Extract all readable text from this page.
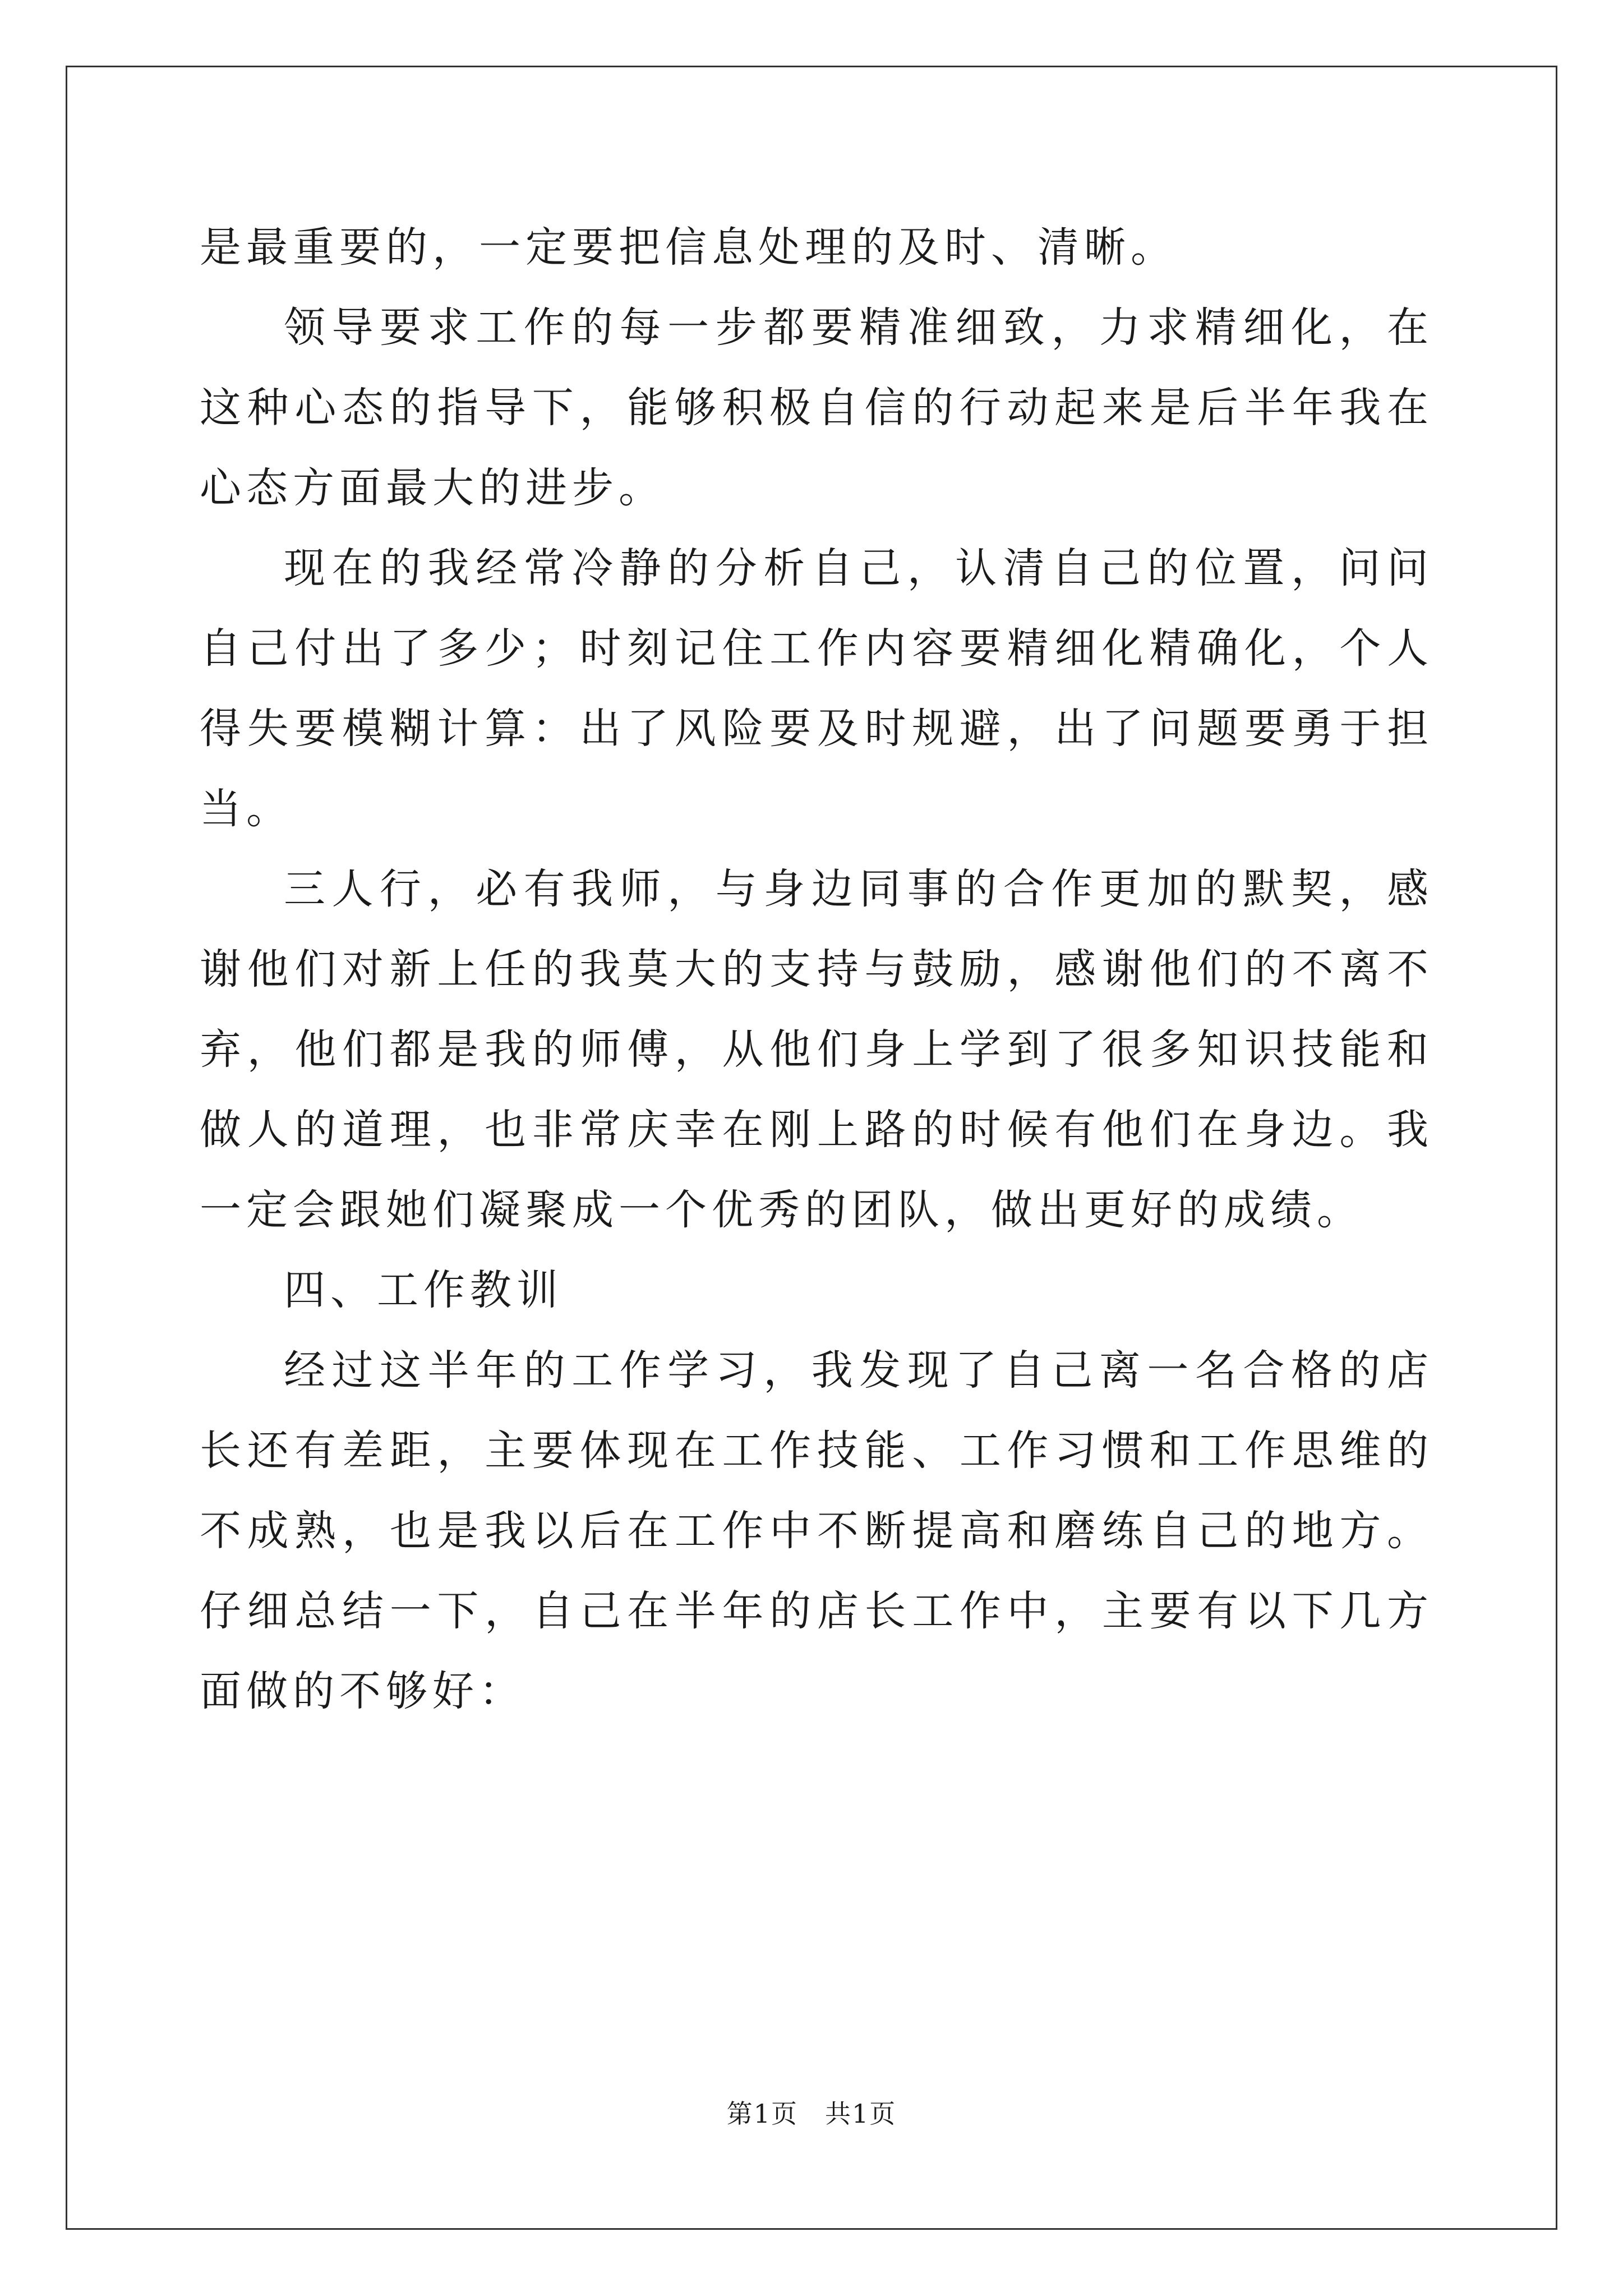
是最重要的，一定要把信息处理的及时、清晰。

领导要求工作的每一步都要精准细致，力求精细化，在这种心态的指导下，能够积极自信的行动起来是后半年我在心态方面最大的进步。

现在的我经常冷静的分析自己，认清自己的位置，问问自己付出了多少；时刻记住工作内容要精细化精确化，个人得失要模糊计算：出了风险要及时规避，出了问题要勇于担当。

三人行，必有我师，与身边同事的合作更加的默契，感谢他们对新上任的我莫大的支持与鼓励，感谢他们的不离不弃，他们都是我的师傅，从他们身上学到了很多知识技能和做人的道理，也非常庆幸在刚上路的时候有他们在身边。我一定会跟她们凝聚成一个优秀的团队，做出更好的成绩。

四、工作教训

经过这半年的工作学习，我发现了自己离一名合格的店长还有差距，主要体现在工作技能、工作习惯和工作思维的不成熟，也是我以后在工作中不断提高和磨练自己的地方。仔细总结一下，自己在半年的店长工作中，主要有以下几方面做的不够好：

第1页　共1页
